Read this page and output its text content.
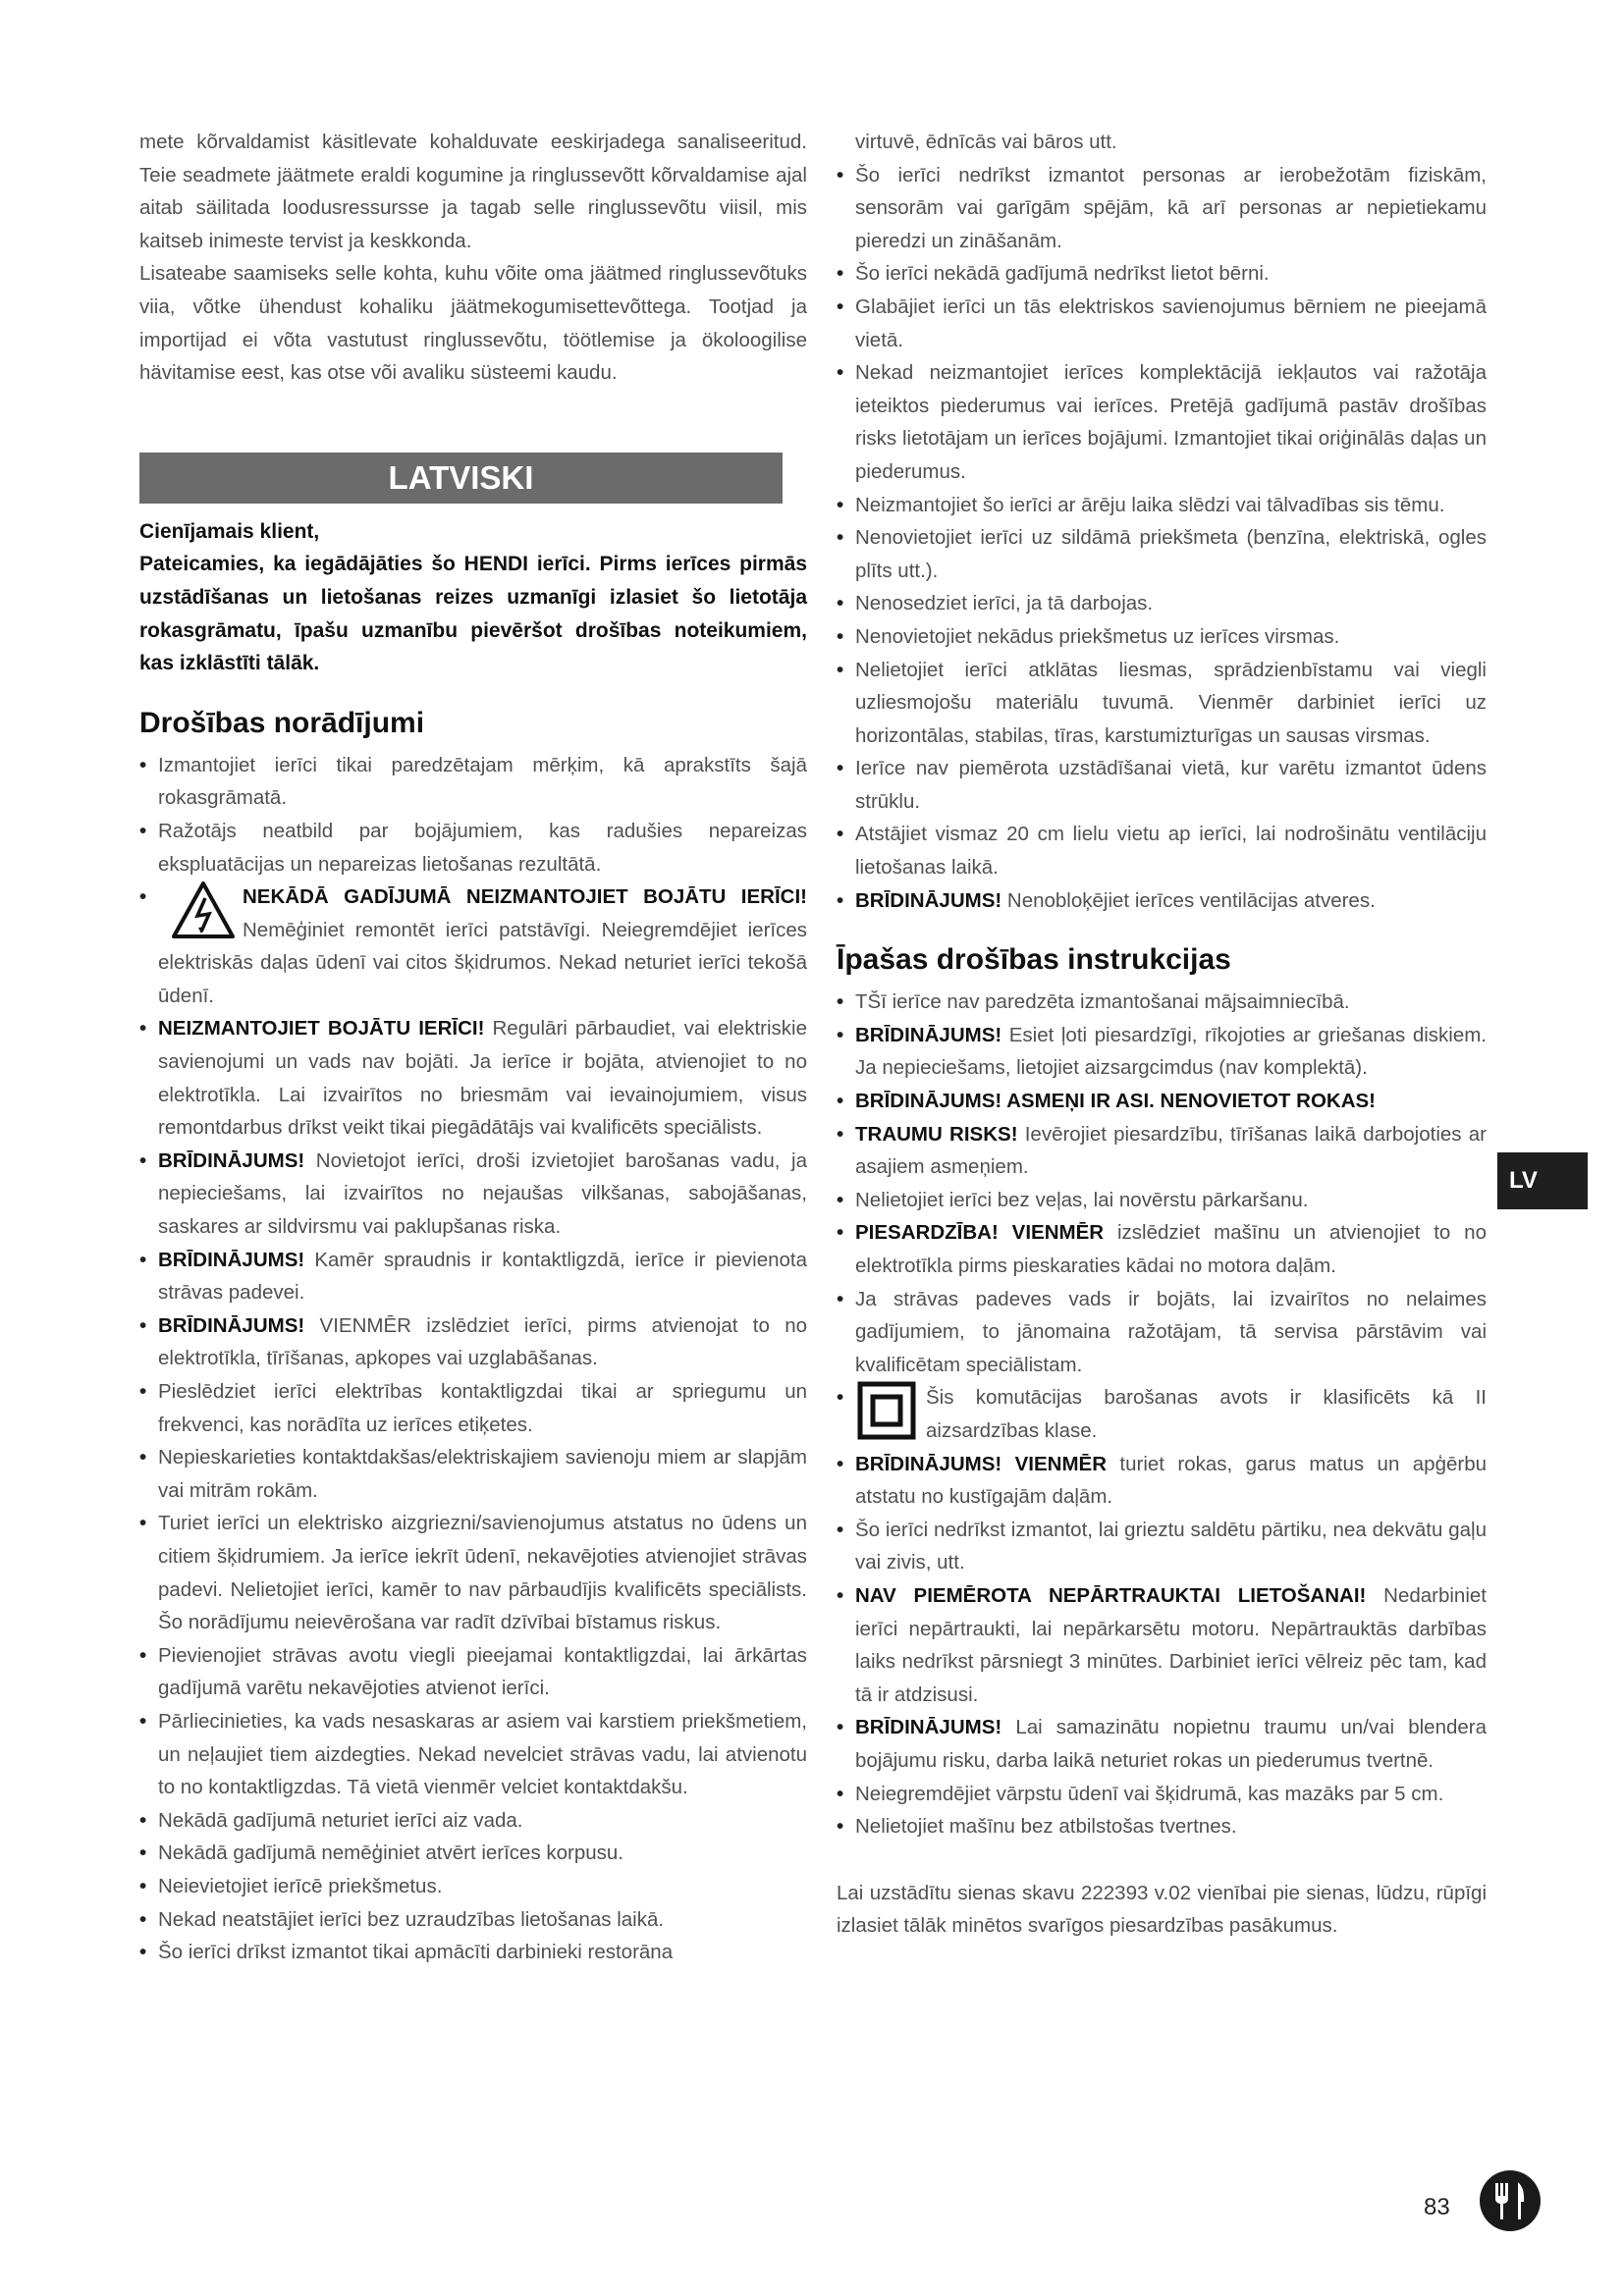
mete kõrvaldamist käsitlevate kohalduvate eeskirjadega sanaliseeritud. Teie seadmete jäätmete eraldi kogumine ja ringlussevõtt kõrvaldamise ajal aitab säilitada loodusressursse ja tagab selle ringlussevõtu viisil, mis kaitseb inimeste tervist ja keskkonda.

Lisateabe saamiseks selle kohta, kuhu võite oma jäätmed ringlussevõtuks viia, võtke ühendust kohaliku jäätmekogumisettevõttega. Tootjad ja importijad ei võta vastutust ringlussevõtu, töötlemise ja ökoloogilise hävitamise eest, kas otse või avaliku süsteemi kaudu.

LATVISKI

Cienījamais klient,

Pateicamies, ka iegādājāties šo HENDI ierīci. Pirms ierīces pirmās uzstādīšanas un lietošanas reizes uzmanīgi izlasiet šo lietotāja rokasgrāmatu, īpašu uzmanību pievēršot drošības noteikumiem, kas izklāstīti tālāk.

Drošības norādījumi
• Izmantojiet ierīci tikai paredzētajam mērķim, kā aprakstīts šajā rokasgrāmatā.
• Ražotājs neatbild par bojājumiem, kas radušies nepareizas ekspluatācijas un nepareizas lietošanas rezultātā.
• NEKĀDĀ GADĪJUMĀ NEIZMANTOJIET BOJĀTU IERĪCI! Nemēģiniet remontēt ierīci patstāvīgi. Neiegremdējiet ierīces elektriskās daļas ūdenī vai citos šķidrumos. Nekad neturiet ierīci tekošā ūdenī.
• NEIZMANTOJIET BOJĀTU IERĪCI! Regulāri pārbaudiet, vai elektriskie savienojumi un vads nav bojāti. Ja ierīce ir bojāta, atvienojiet to no elektrotīkla. Lai izvairītos no briesmām vai ievainojumiem, visus remontdarbus drīkst veikt tikai piegādātājs vai kvalificēts speciālists.
• BRĪDINĀJUMS! Novietojot ierīci, droši izvietojiet barošanas vadu, ja nepieciešams, lai izvairītos no nejaušas vilkšanas, sabojāšanas, saskares ar sildvirsmu vai paklupšanas riska.
• BRĪDINĀJUMS! Kamēr spraudnis ir kontaktligzdā, ierīce ir pievienota strāvas padevei.
• BRĪDINĀJUMS! VIENMĒR izslēdziet ierīci, pirms atvienojat to no elektrotīkla, tīrīšanas, apkopes vai uzglabāšanas.
• Pieslēdziet ierīci elektrības kontaktligzdai tikai ar spriegumu un frekvenci, kas norādīta uz ierīces etiķetes.
• Nepieskarieties kontaktdakšas/elektriskajiem savienoju miem ar slapjām vai mitrām rokām.
• Turiet ierīci un elektrisko aizgriezni/savienojumus atstatus no ūdens un citiem šķidrumiem. Ja ierīce iekrīt ūdenī, nekavējoties atvienojiet strāvas padevi. Nelietojiet ierīci, kamēr to nav pārbaudījis kvalificēts speciālists. Šo norādījumu neievērošana var radīt dzīvībai bīstamus riskus.
• Pievienojiet strāvas avotu viegli pieejamai kontaktligzdai, lai ārkārtas gadījumā varētu nekavējoties atvienot ierīci.
• Pārliecinieties, ka vads nesaskaras ar asiem vai karstiem priekšmetiem, un neļaujiet tiem aizdegties. Nekad nevelciet strāvas vadu, lai atvienotu to no kontaktligzdas. Tā vietā vienmēr velciet kontaktdakšu.
• Nekādā gadījumā neturiet ierīci aiz vada.
• Nekādā gadījumā nemēģiniet atvērt ierīces korpusu.
• Neievietojiet ierīcē priekšmetus.
• Nekad neatstājiet ierīci bez uzraudzības lietošanas laikā.
• Šo ierīci drīkst izmantot tikai apmācīti darbinieki restorāna

virtuvē, ēdnīcās vai bāros utt.

• Šo ierīci nedrīkst izmantot personas ar ierobežotām fiziskām, sensorām vai garīgām spējām, kā arī personas ar nepietiekamu pieredzi un zināšanām.
• Šo ierīci nekādā gadījumā nedrīkst lietot bērni.
• Glabājiet ierīci un tās elektriskos savienojumus bērniem ne pieejamā vietā.
• Nekad neizmantojiet ierīces komplektācijā iekļautos vai ražotāja ieteiktos piederumus vai ierīces. Pretējā gadījumā pastāv drošības risks lietotājam un ierīces bojājumi. Izmantojiet tikai oriģinālās daļas un piederumus.
• Neizmantojiet šo ierīci ar ārēju laika slēdzi vai tālvadības sis tēmu.
• Nenovietojiet ierīci uz sildāmā priekšmeta (benzīna, elektriskā, ogles plīts utt.).
• Nenosedziet ierīci, ja tā darbojas.
• Nenovietojiet nekādus priekšmetus uz ierīces virsmas.
• Nelietojiet ierīci atklātas liesmas, sprādzienbīstamu vai viegli uzliesmojošu materiālu tuvumā. Vienmēr darbiniet ierīci uz horizontālas, stabilas, tīras, karstumizturīgas un sausas virsmas.
• Ierīce nav piemērota uzstādīšanai vietā, kur varētu izmantot ūdens strūklu.
• Atstājiet vismaz 20 cm lielu vietu ap ierīci, lai nodrošinātu ventilāciju lietošanas laikā.
• BRĪDINĀJUMS! Nenobloķējiet ierīces ventilācijas atveres.
Īpašas drošības instrukcijas
• TŠī ierīce nav paredzēta izmantošanai mājsaimniecībā.
• BRĪDINĀJUMS! Esiet ļoti piesardzīgi, rīkojoties ar griešanas diskiem. Ja nepieciešams, lietojiet aizsargcimdus (nav komplektā).
• BRĪDINĀJUMS! ASMEŅI IR ASI. NENOVIETOT ROKAS!
• TRAUMU RISKS! Ievērojiet piesardzību, tīrīšanas laikā darbojoties ar asajiem asmeņiem.
• Nelietojiet ierīci bez veļas, lai novērstu pārkaršanu.
• PIESARDZĪBA! VIENMĒR izslēdziet mašīnu un atvienojiet to no elektrotīkla pirms pieskaraties kādai no motora daļām.
• Ja strāvas padeves vads ir bojāts, lai izvairītos no nelaimes gadījumiem, to jānomaina ražotājam, tā servisa pārstāvim vai kvalificētam speciālistam.
• Šis komutācijas barošanas avots ir klasificēts kā II aizsardzības klase.
• BRĪDINĀJUMS! VIENMĒR turiet rokas, garus matus un apģērbu atstatu no kustīgajām daļām.
• Šo ierīci nedrīkst izmantot, lai grieztu saldētu pārtiku, nea dekvātu gaļu vai zivis, utt.
• NAV PIEMĒROTA NEPĀRTRAUKTAI LIETOŠANAI! Nedarbiniet ierīci nepārtraukti, lai nepārkarsētu motoru. Nepārtrauktās darbības laiks nedrīkst pārsniegt 3 minūtes. Darbiniet ierīci vēlreiz pēc tam, kad tā ir atdzisusi.
• BRĪDINĀJUMS! Lai samazinātu nopietnu traumu un/vai blendera bojājumu risku, darba laikā neturiet rokas un piederumus tvertnē.
• Neiegremdējiet vārpstu ūdenī vai šķidrumā, kas mazāks par 5 cm.
• Nelietojiet mašīnu bez atbilstošas tvertnes.

Lai uzstādītu sienas skavu 222393 v.02 vienībai pie sienas, lūdzu, rūpīgi izlasiet tālāk minētos svarīgos piesardzības pasākumus.

LV
83
